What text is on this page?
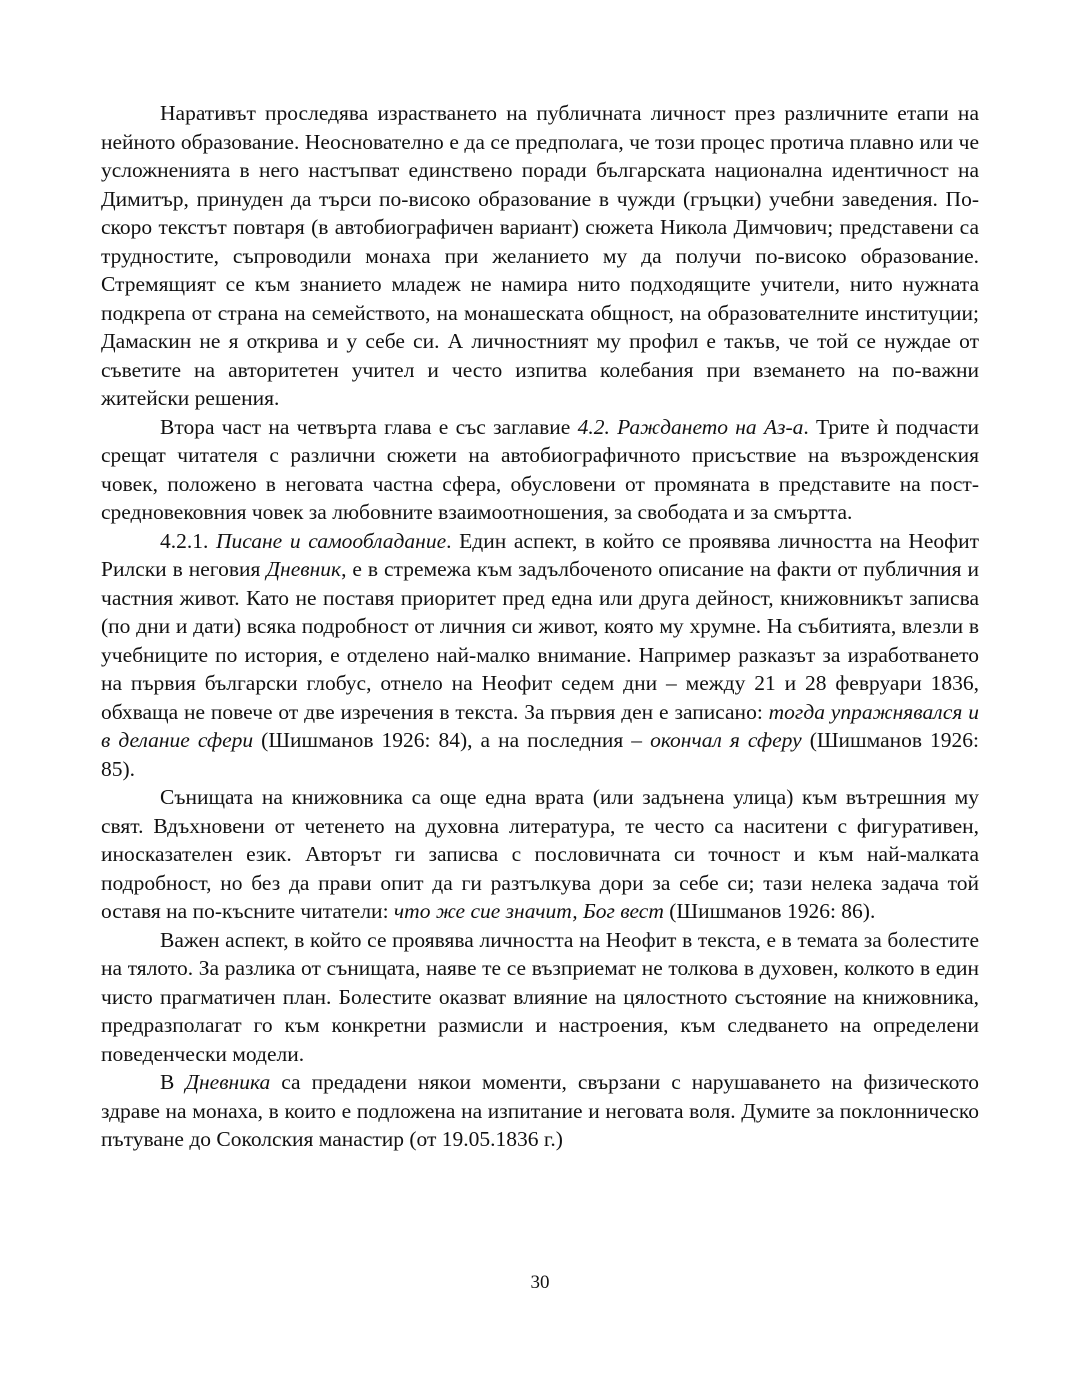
Наративът проследява израстването на публичната личност през различните етапи на нейното образование. Неоснователно е да се предполага, че този процес протича плавно или че усложненията в него настъпват единствено поради българската национална идентичност на Димитър, принуден да търси по-високо образование в чужди (гръцки) учебни заведения. По-скоро текстът повтаря (в автобиографичен вариант) сюжета Никола Димчович; представени са трудностите, съпроводили монаха при желанието му да получи по-високо образование. Стремящият се към знанието младеж не намира нито подходящите учители, нито нужната подкрепа от страна на семейството, на монашеската общност, на образователните институции; Дамаскин не я открива и у себе си. А личностният му профил е такъв, че той се нуждае от съветите на авторитетен учител и често изпитва колебания при вземането на по-важни житейски решения.

Втора част на четвърта глава е със заглавие 4.2. Раждането на Аз-а. Трите ѝ подчасти срещат читателя с различни сюжети на автобиографичното присъствие на възрожденския човек, положено в неговата частна сфера, обусловени от промяната в представите на пост-средновековния човек за любовните взаимоотношения, за свободата и за смъртта.

4.2.1. Писане и самообладание. Един аспект, в който се проявява личността на Неофит Рилски в неговия Дневник, е в стремежа към задълбоченото описание на факти от публичния и частния живот. Като не поставя приоритет пред една или друга дейност, книжовникът записва (по дни и дати) всяка подробност от личния си живот, която му хрумне. На събитията, влезли в учебниците по история, е отделено най-малко внимание. Например разказът за изработването на първия български глобус, отнело на Неофит седем дни – между 21 и 28 февруари 1836, обхваща не повече от две изречения в текста. За първия ден е записано: тогда упражнявался и в делание сфери (Шишманов 1926: 84), а на последния – окончал я сферу (Шишманов 1926: 85).

Сънищата на книжовника са още една врата (или задънена улица) към вътрешния му свят. Вдъхновени от четенето на духовна литература, те често са наситени с фигуративен, иносказателен език. Авторът ги записва с пословичната си точност и към най-малката подробност, но без да прави опит да ги разтълкува дори за себе си; тази нелека задача той оставя на по-късните читатели: что же сие значит, Бог вест (Шишманов 1926: 86).

Важен аспект, в който се проявява личността на Неофит в текста, е в темата за болестите на тялото. За разлика от сънищата, наяве те се възприемат не толкова в духовен, колкото в един чисто прагматичен план. Болестите оказват влияние на цялостното състояние на книжовника, предразполагат го към конкретни размисли и настроения, към следването на определени поведенчески модели.

В Дневника са предадени някои моменти, свързани с нарушаването на физическото здраве на монаха, в които е подложена на изпитание и неговата воля. Думите за поклонническо пътуване до Соколския манастир (от 19.05.1836 г.)

30
